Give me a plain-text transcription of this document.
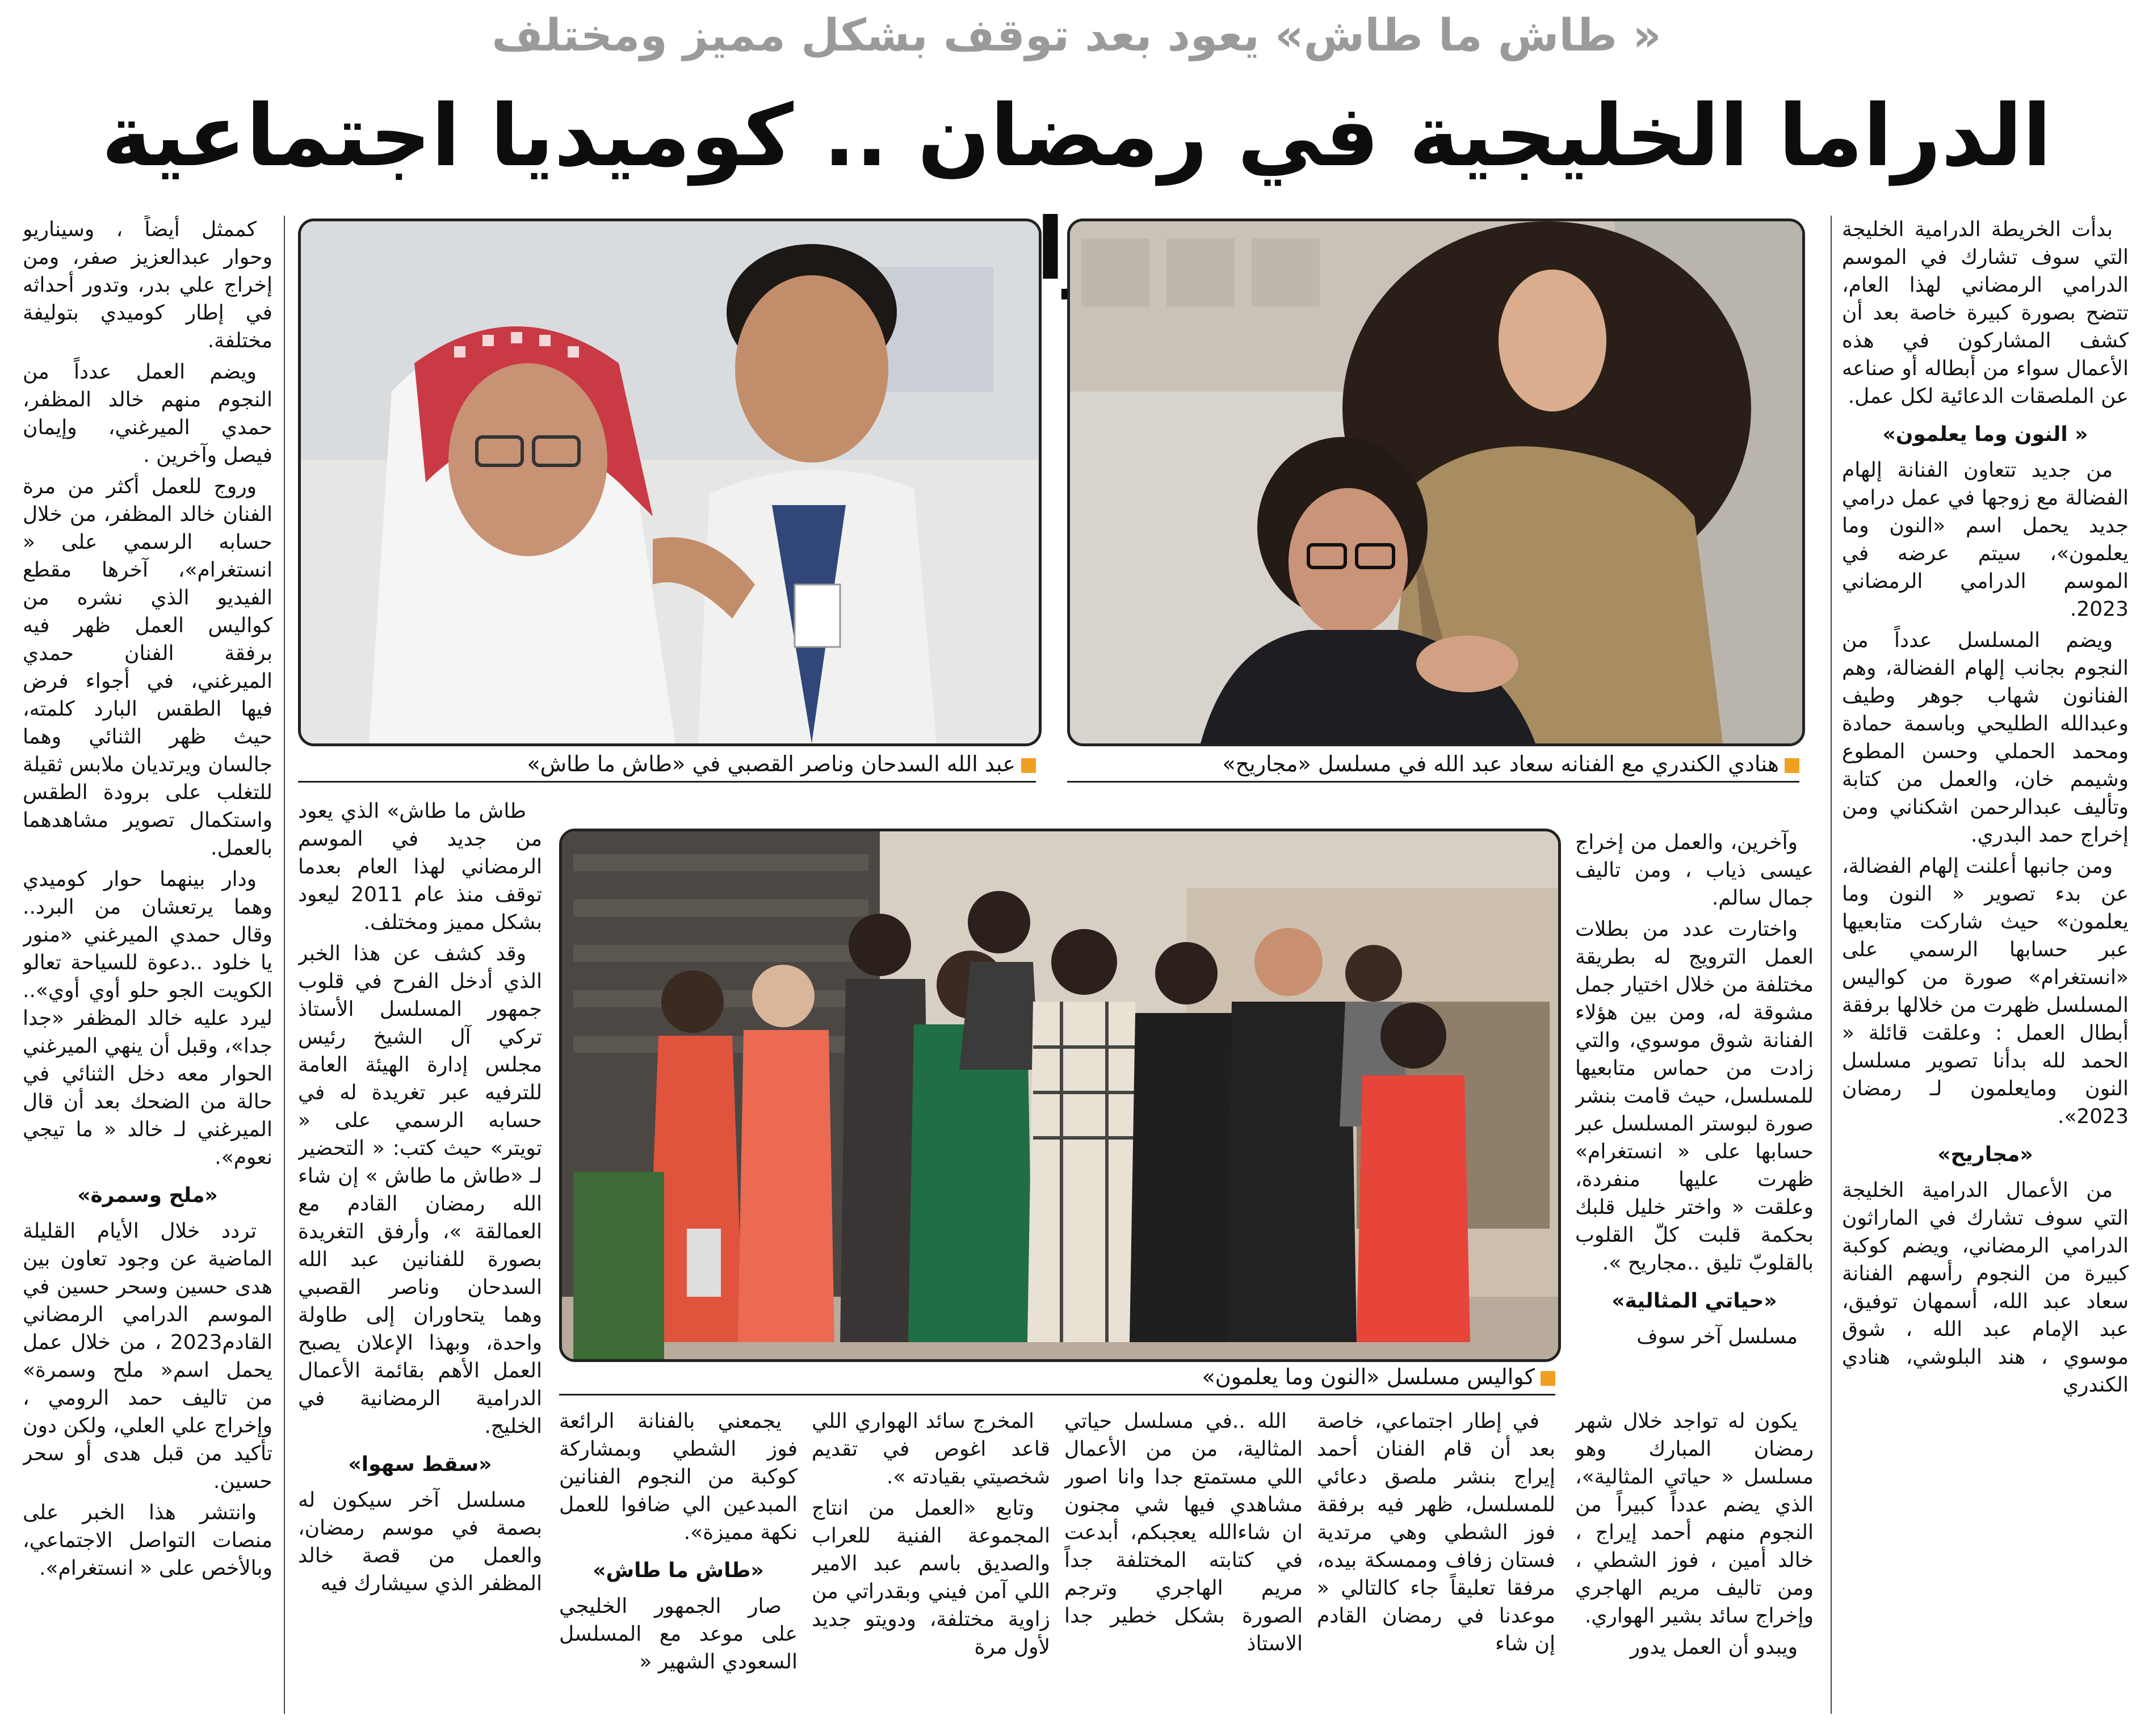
« طاش ما طاش» يعود بعد توقف بشكل مميز ومختلف
الدراما الخليجية في رمضان .. كوميديا اجتماعية

بدأت الخريطة الدرامية الخليجة التي سوف تشارك في الموسم الدرامي الرمضاني لهذا العام، تتضح بصورة كبيرة خاصة بعد أن كشف المشاركون في هذه الأعمال سواء من أبطاله أو صناعه عن الملصقات الدعائية لكل عمل.

« النون وما يعلمون»

من جديد تتعاون الفنانة إلهام الفضالة مع زوجها في عمل درامي جديد يحمل اسم «النون وما يعلمون»، سيتم عرضه في الموسم الدرامي الرمضاني 2023.

ويضم المسلسل عدداً من النجوم بجانب إلهام الفضالة، وهم الفنانون شهاب جوهر وطيف وعبدالله الطليحي وباسمة حمادة ومحمد الحملي وحسن المطوع وشيمم خان، والعمل من كتابة وتأليف عبدالرحمن اشكناني ومن إخراج حمد البدري.

ومن جانبها أعلنت إلهام الفضالة، عن بدء تصوير « النون وما يعلمون» حيث شاركت متابعيها عبر حسابها الرسمي على «انستغرام» صورة من كواليس المسلسل ظهرت من خلالها برفقة أبطال العمل : وعلقت قائلة « الحمد لله بدأنا تصوير مسلسل النون ومايعلمون لـ رمضان 2023».

«مجاريح»

من الأعمال الدرامية الخليجة التي سوف تشارك في الماراثون الدرامي الرمضاني، ويضم كوكبة كبيرة من النجوم رأسهم الفنانة سعاد عبد الله، أسمهان توفيق، عبد الإمام عبد الله ، شوق موسوي ، هند البلوشي، هنادي الكندري

هنادي الكندري مع الفنانه سعاد عبد الله في مسلسل «مجاريح»
عبد الله السدحان وناصر القصبي في «طاش ما طاش»
كواليس مسلسل «النون وما يعلمون»

وآخرين، والعمل من إخراج عيسى ذياب ، ومن تاليف جمال سالم.

واختارت عدد من بطلات العمل الترويج له بطريقة مختلفة من خلال اختيار جمل مشوقة له، ومن بين هؤلاء الفنانة شوق موسوي، والتي زادت من حماس متابعيها للمسلسل، حيث قامت بنشر صورة لبوستر المسلسل عبر حسابها على « انستغرام» ظهرت عليها منفردة، وعلقت « واختر خليل قلبك بحكمة قلبت كلّ القلوب بالقلوبّ تليق ..مجاريح ».

«حياتي المثالية»

مسلسل آخر سوف

يكون له تواجد خلال شهر رمضان المبارك وهو مسلسل « حياتي المثالية»، الذي يضم عدداً كبيراً من النجوم منهم أحمد إيراج ، خالد أمين ، فوز الشطي ، ومن تاليف مريم الهاجري وإخراج سائد بشير الهواري.

ويبدو أن العمل يدور

في إطار اجتماعي، خاصة بعد أن قام الفنان أحمد إيراج بنشر ملصق دعائي للمسلسل، ظهر فيه برفقة فوز الشطي وهي مرتدية فستان زفاف وممسكة بيده، مرفقا تعليقاً جاء كالتالي « موعدنا في رمضان القادم إن شاء

الله ..في مسلسل حياتي المثالية، من من الأعمال اللي مستمتع جدا وانا اصور مشاهدي فيها شي مجنون ان شاءالله يعجبكم، أبدعت في كتابته المختلفة جداً مريم الهاجري وترجم الصورة بشكل خطير جدا الاستاذ

المخرج سائد الهواري اللي قاعد اغوص في تقديم شخصيتي بقيادته ».

وتابع «العمل من انتاج المجموعة الفنية للعراب والصديق باسم عبد الامير اللي آمن فيني وبقدراتي من زاوية مختلفة، ودويتو جديد لأول مرة

يجمعني بالفنانة الرائعة فوز الشطي وبمشاركة كوكبة من النجوم الفنانين المبدعين الي ضافوا للعمل نكهة مميزة».

«طاش ما طاش»

صار الجمهور الخليجي على موعد مع المسلسل السعودي الشهير «

طاش ما طاش» الذي يعود من جديد في الموسم الرمضاني لهذا العام بعدما توقف منذ عام 2011 ليعود بشكل مميز ومختلف.

وقد كشف عن هذا الخبر الذي أدخل الفرح في قلوب جمهور المسلسل الأستاذ تركي آل الشيخ رئيس مجلس إدارة الهيئة العامة للترفيه عبر تغريدة له في حسابه الرسمي على « تويتر» حيث كتب: « التحضير لـ «طاش ما طاش » إن شاء الله رمضان القادم مع العمالقة »، وأرفق التغريدة بصورة للفنانين عبد الله السدحان وناصر القصبي وهما يتحاوران إلى طاولة واحدة، وبهذا الإعلان يصبح العمل الأهم بقائمة الأعمال الدرامية الرمضانية في الخليج.

«سقط سهوا»

مسلسل آخر سيكون له بصمة في موسم رمضان، والعمل من قصة خالد المظفر الذي سيشارك فيه

كممثل أيضاً ، وسيناريو وحوار عبدالعزيز صفر، ومن إخراج علي بدر، وتدور أحداثه في إطار كوميدي بتوليفة مختلفة.

ويضم العمل عدداً من النجوم منهم خالد المظفر، حمدي الميرغني، وإيمان فيصل وآخرين .

وروج للعمل أكثر من مرة الفنان خالد المظفر، من خلال حسابه الرسمي على « انستغرام»، آخرها مقطع الفيديو الذي نشره من كواليس العمل ظهر فيه برفقة الفنان حمدي الميرغني، في أجواء فرض فيها الطقس البارد كلمته، حيث ظهر الثنائي وهما جالسان ويرتديان ملابس ثقيلة للتغلب على برودة الطقس واستكمال تصوير مشاهدهما بالعمل.

ودار بينهما حوار كوميدي وهما يرتعشان من البرد.. وقال حمدي الميرغني «منور يا خلود ..دعوة للسياحة تعالو الكويت الجو حلو أوي أوي».. ليرد عليه خالد المظفر «جدا جدا»، وقبل أن ينهي الميرغني الحوار معه دخل الثنائي في حالة من الضحك بعد أن قال الميرغني لـ خالد « ما تيجي نعوم».

«ملح وسمرة»

تردد خلال الأيام القليلة الماضية عن وجود تعاون بين هدى حسين وسحر حسين في الموسم الدرامي الرمضاني القادم2023 ، من خلال عمل يحمل اسم« ملح وسمرة» من تاليف حمد الرومي ، وإخراج علي العلي، ولكن دون تأكيد من قبل هدى أو سحر حسين.

وانتشر هذا الخبر على منصات التواصل الاجتماعي، وبالأخص على « انستغرام».
